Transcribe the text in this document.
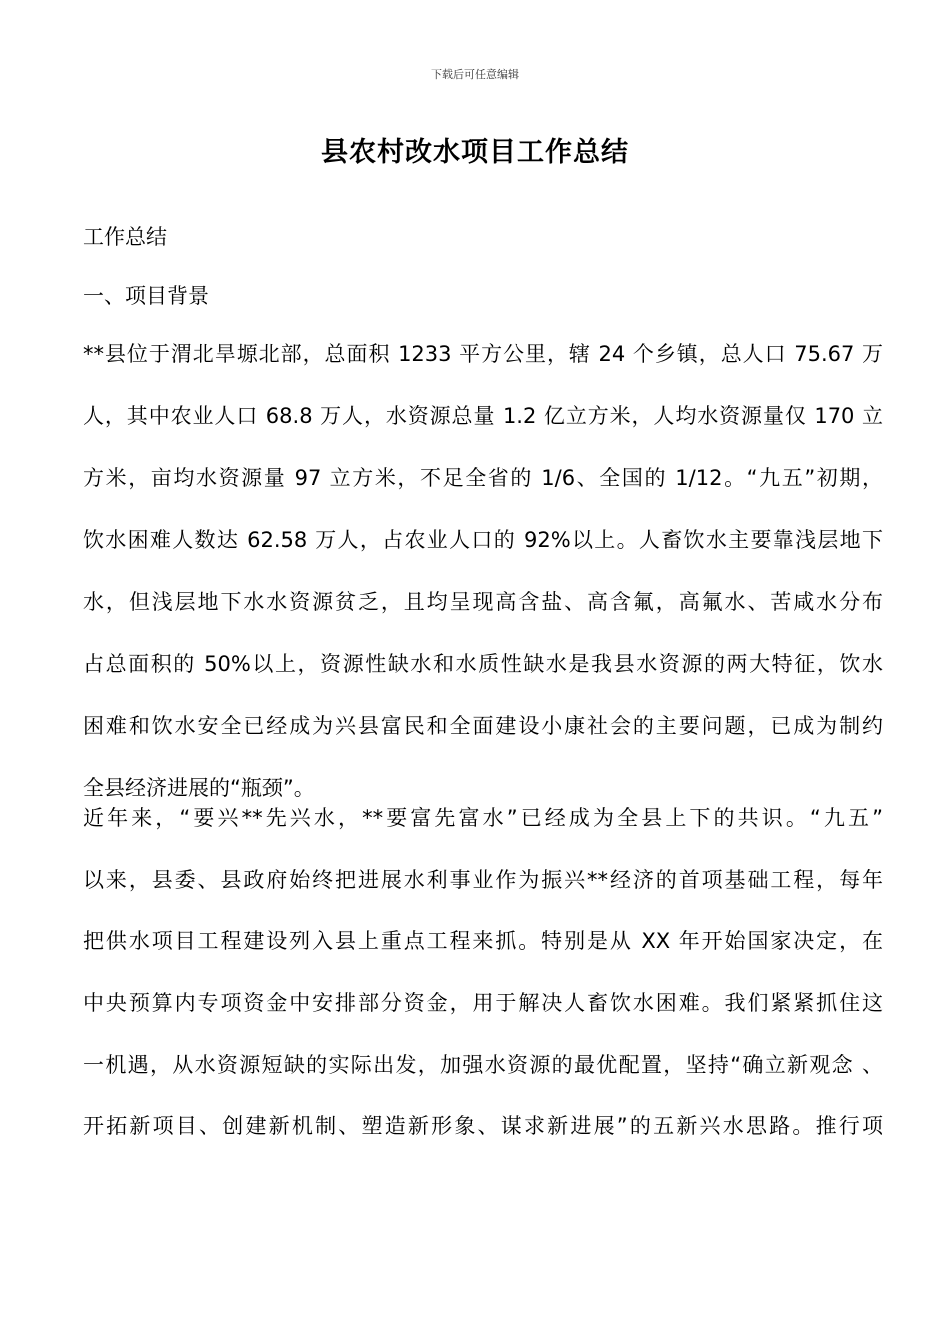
下载后可任意编辑
县农村改水项目工作总结
工作总结
一、项目背景
**县位于渭北旱塬北部，总面积 1233 平方公里，辖 24 个乡镇，总人口 75.67 万
人，其中农业人口 68.8 万人，水资源总量 1.2 亿立方米，人均水资源量仅 170 立
方米，亩均水资源量 97 立方米，不足全省的 1/6、全国的 1/12。“九五”初期，
饮水困难人数达 62.58 万人，占农业人口的 92%以上。人畜饮水主要靠浅层地下
水，但浅层地下水水资源贫乏，且均呈现高含盐、高含氟，高氟水、苦咸水分布
占总面积的 50%以上，资源性缺水和水质性缺水是我县水资源的两大特征，饮水
困难和饮水安全已经成为兴县富民和全面建设小康社会的主要问题，已成为制约
全县经济进展的“瓶颈”。
近年来，“要兴**先兴水，**要富先富水”已经成为全县上下的共识。“九五”
以来，县委、县政府始终把进展水利事业作为振兴**经济的首项基础工程，每年
把供水项目工程建设列入县上重点工程来抓。特别是从 XX 年开始国家决定，在
中央预算内专项资金中安排部分资金，用于解决人畜饮水困难。我们紧紧抓住这
一机遇，从水资源短缺的实际出发，加强水资源的最优配置，坚持“确立新观念 、
开拓新项目、创建新机制、塑造新形象、谋求新进展”的五新兴水思路。推行项
